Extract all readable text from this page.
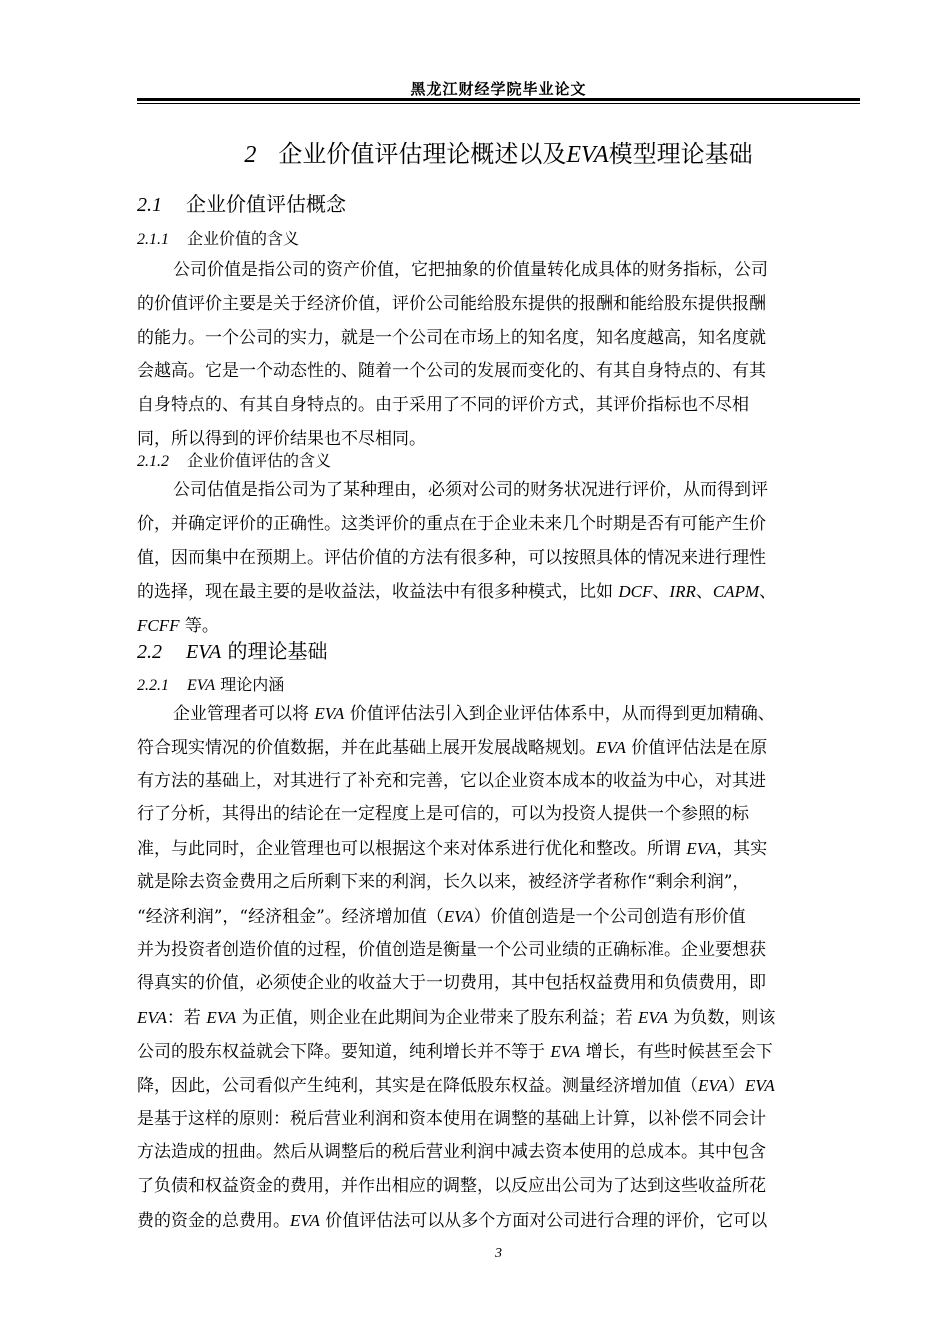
黑龙江财经学院毕业论文
2 企业价值评估理论概述以及EVA模型理论基础
2.1 企业价值评估概念
2.1.1 企业价值的含义
公司价值是指公司的资产价值，它把抽象的价值量转化成具体的财务指标，公司
的价值评价主要是关于经济价值，评价公司能给股东提供的报酬和能给股东提供报酬
的能力。一个公司的实力，就是一个公司在市场上的知名度，知名度越高，知名度就
会越高。它是一个动态性的、随着一个公司的发展而变化的、有其自身特点的、有其
自身特点的、有其自身特点的。由于采用了不同的评价方式，其评价指标也不尽相
同，所以得到的评价结果也不尽相同。
2.1.2 企业价值评估的含义
公司估值是指公司为了某种理由，必须对公司的财务状况进行评价，从而得到评
价，并确定评价的正确性。这类评价的重点在于企业未来几个时期是否有可能产生价
值，因而集中在预期上。评估价值的方法有很多种，可以按照具体的情况来进行理性
的选择，现在最主要的是收益法，收益法中有很多种模式，比如 DCF、IRR、CAPM、
FCFF 等。
2.2 EVA 的理论基础
2.2.1 EVA 理论内涵
企业管理者可以将 EVA 价值评估法引入到企业评估体系中，从而得到更加精确、
符合现实情况的价值数据，并在此基础上展开发展战略规划。EVA 价值评估法是在原
有方法的基础上，对其进行了补充和完善，它以企业资本成本的收益为中心，对其进
行了分析，其得出的结论在一定程度上是可信的，可以为投资人提供一个参照的标
准，与此同时，企业管理也可以根据这个来对体系进行优化和整改。所谓 EVA，其实
就是除去资金费用之后所剩下来的利润，长久以来，被经济学者称作“剩余利润”，
“经济利润”，“经济租金”。经济增加值（EVA）价值创造是一个公司创造有形价值
并为投资者创造价值的过程，价值创造是衡量一个公司业绩的正确标准。企业要想获
得真实的价值，必须使企业的收益大于一切费用，其中包括权益费用和负债费用，即
EVA：若 EVA 为正值，则企业在此期间为企业带来了股东利益；若 EVA 为负数，则该
公司的股东权益就会下降。要知道，纯利增长并不等于 EVA 增长，有些时候甚至会下
降，因此，公司看似产生纯利，其实是在降低股东权益。测量经济增加值（EVA）EVA
是基于这样的原则：税后营业利润和资本使用在调整的基础上计算，以补偿不同会计
方法造成的扭曲。然后从调整后的税后营业利润中减去资本使用的总成本。其中包含
了负债和权益资金的费用，并作出相应的调整，以反应出公司为了达到这些收益所花
费的资金的总费用。EVA 价值评估法可以从多个方面对公司进行合理的评价，它可以
3
